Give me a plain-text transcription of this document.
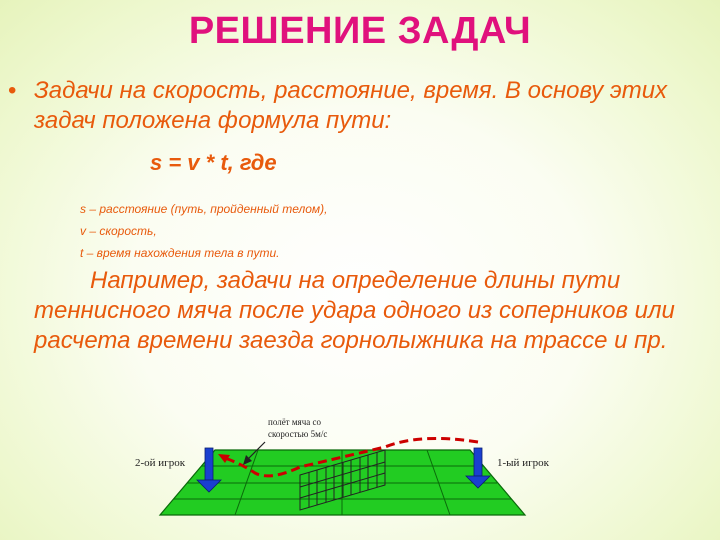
РЕШЕНИЕ ЗАДАЧ
• Задачи на скорость, расстояние, время. В основу этих задач положена формула пути:
s = v * t, где
s – расстояние (путь, пройденный телом),
v – скорость,
t – время нахождения тела в пути.
Например, задачи на определение длины пути теннисного мяча после удара одного из соперников или расчета времени заезда горнолыжника на трассе и пр.
полёт мяча со
скоростью 5м/с
2-ой игрок	1-ый игрок
